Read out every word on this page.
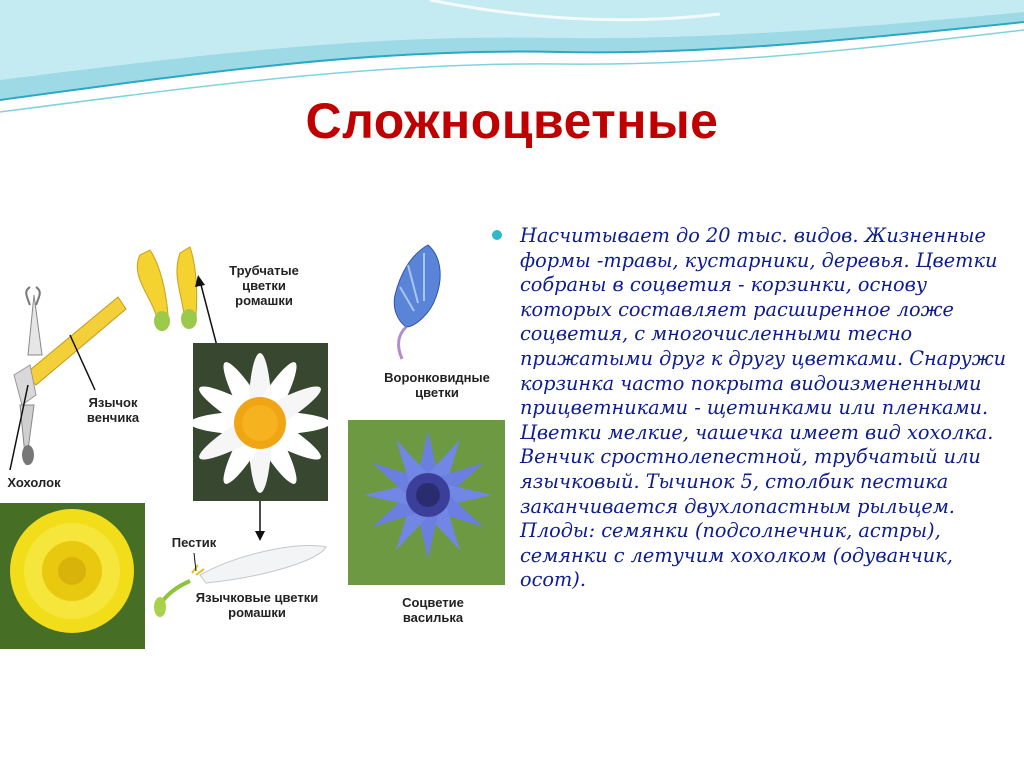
Сложноцветные

Насчитывает до 20 тыс. видов. Жизненные формы -травы, кустарники, деревья. Цветки собраны в соцветия - корзинки, основу которых составляет расширенное ложе соцветия, с многочисленными тесно прижатыми друг к другу цветками. Снаружи корзинка часто покрыта видоизмененными прицветниками - щетинками или пленками. Цветки мелкие, чашечка имеет вид хохолка. Венчик сростнолепестной, трубчатый или язычковый. Тычинок 5, столбик пестика заканчивается двухлопастным рыльцем. Плоды: семянки (подсолнечник, астры), семянки с летучим хохолком (одуванчик, осот).

Трубчатые цветки ромашки
Воронковидные цветки
Язычок венчика
Хохолок
Пестик
Язычковые цветки ромашки
Соцветие василька
